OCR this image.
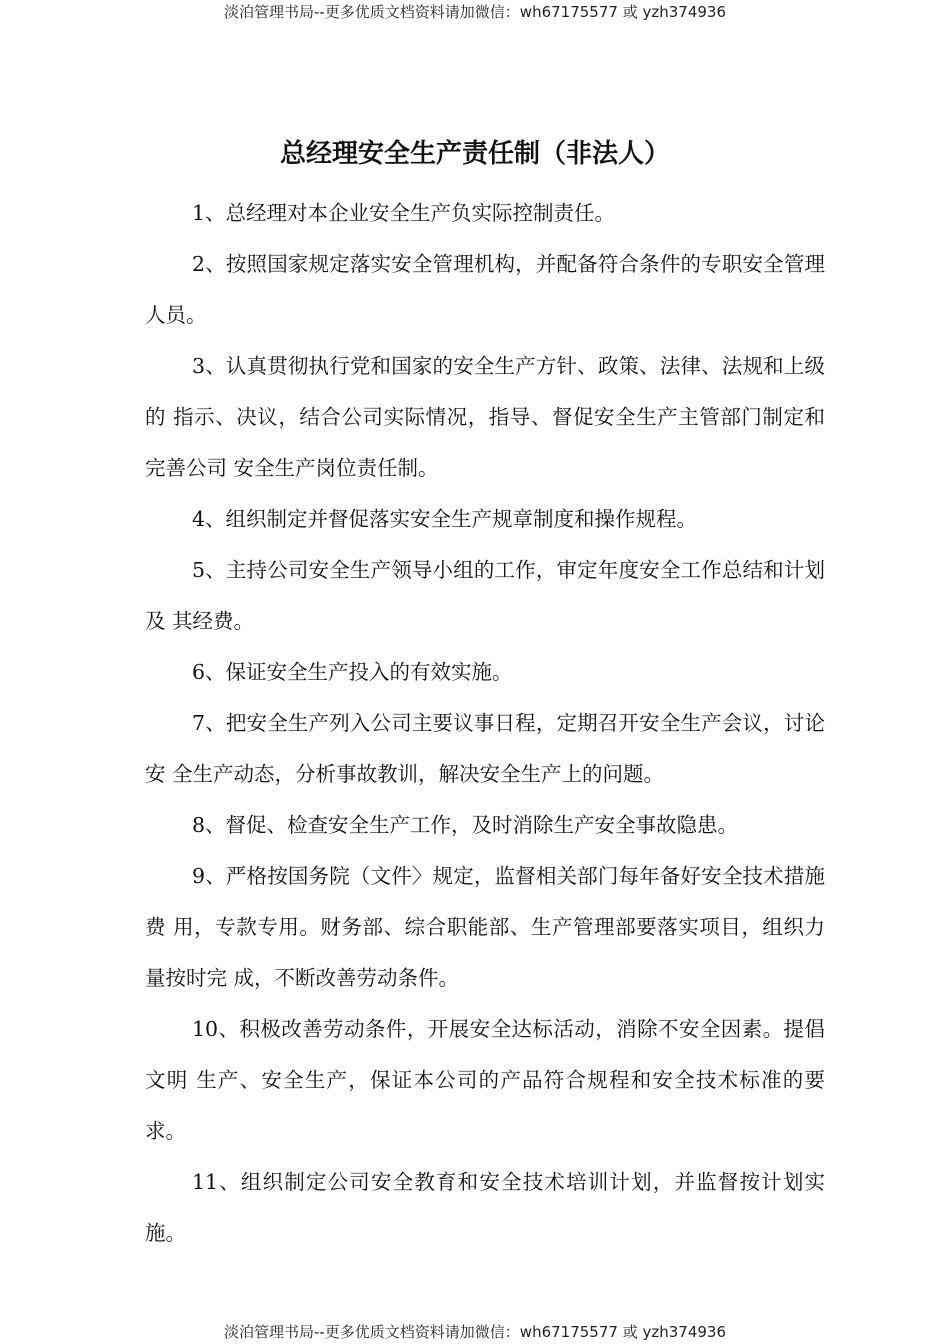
淡泊管理书局--更多优质文档资料请加微信：wh67175577 或 yzh374936
总经理安全生产责任制（非法人）

1、总经理对本企业安全生产负实际控制责任。

2、按照国家规定落实安全管理机构，并配备符合条件的专职安全管理人员。

3、认真贯彻执行党和国家的安全生产方针、政策、法律、法规和上级的 指示、决议，结合公司实际情况，指导、督促安全生产主管部门制定和完善公司 安全生产岗位责任制。

4、组织制定并督促落实安全生产规章制度和操作规程。

5、主持公司安全生产领导小组的工作，审定年度安全工作总结和计划及 其经费。

6、保证安全生产投入的有效实施。

7、把安全生产列入公司主要议事日程，定期召开安全生产会议，讨论安 全生产动态，分析事故教训，解决安全生产上的问题。

8、督促、检查安全生产工作，及时消除生产安全事故隐患。

9、严格按国务院（文件〉规定，监督相关部门每年备好安全技术措施费 用，专款专用。财务部、综合职能部、生产管理部要落实项目，组织力量按时完 成，不断改善劳动条件。

10、积极改善劳动条件，开展安全达标活动，消除不安全因素。提倡文明 生产、安全生产，保证本公司的产品符合规程和安全技术标准的要求。

11、组织制定公司安全教育和安全技术培训计划，并监督按计划实施。

淡泊管理书局--更多优质文档资料请加微信：wh67175577 或 yzh374936
